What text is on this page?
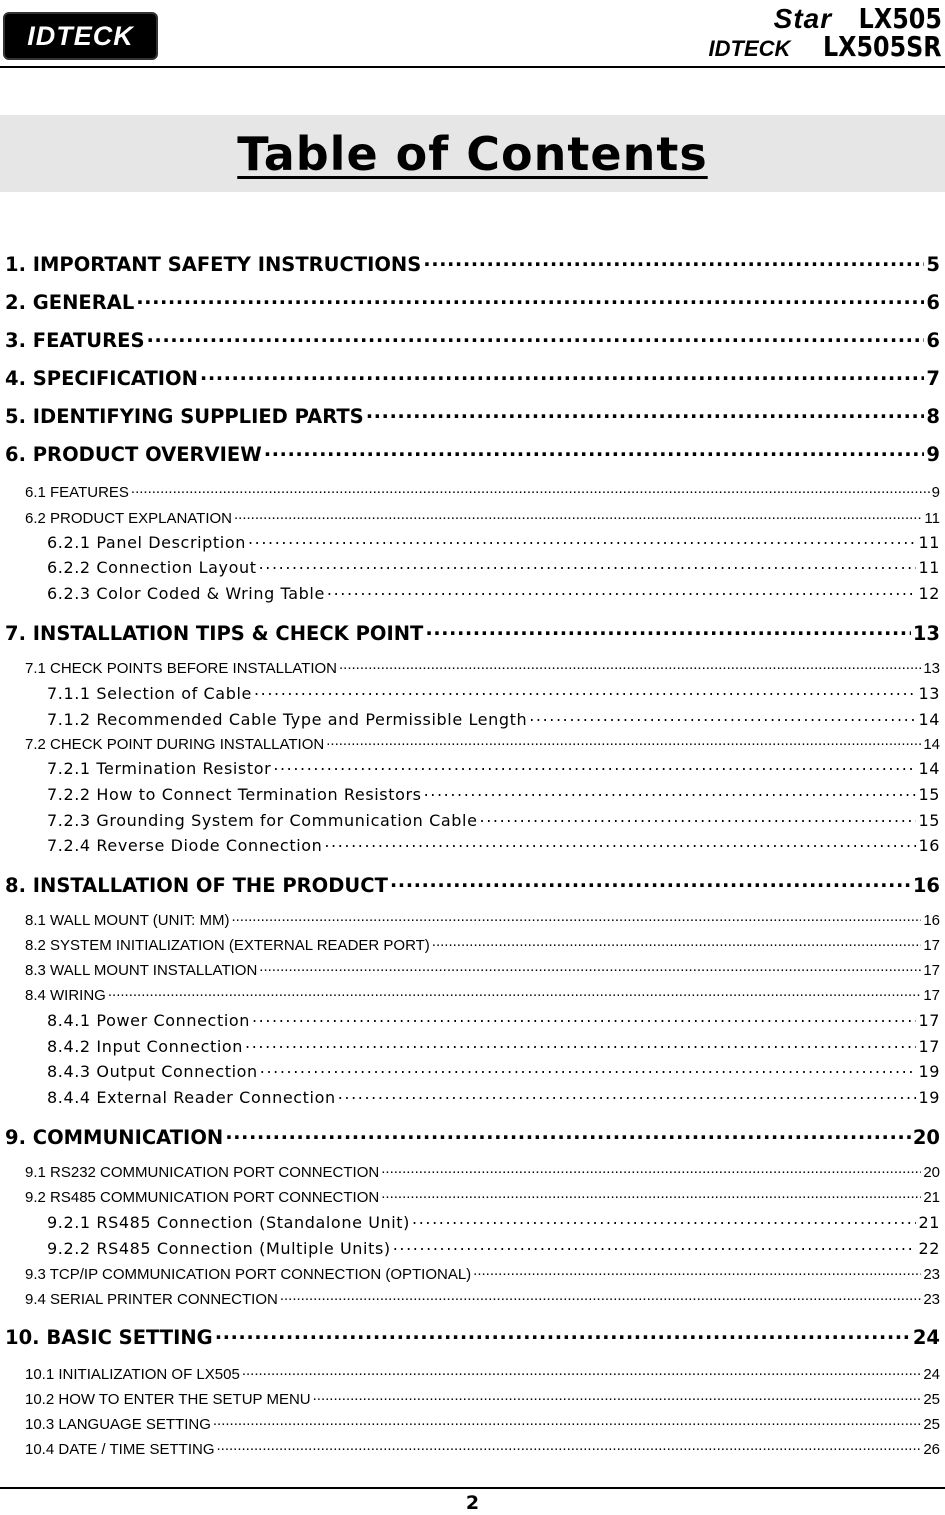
IDTECK
Star LX505
IDTECK LX505SR
Table of Contents
1. IMPORTANT SAFETY INSTRUCTIONS .....	5
2. GENERAL .....	6
3. FEATURES .....	6
4. SPECIFICATION .....	7
5. IDENTIFYING SUPPLIED PARTS .....	8
6. PRODUCT OVERVIEW .....	9
6.1 FEATURES .....	9
6.2 PRODUCT EXPLANATION .....	11
6.2.1 Panel Description .....	11
6.2.2 Connection Layout .....	11
6.2.3 Color Coded & Wring Table .....	12
7. INSTALLATION TIPS & CHECK POINT .....	13
7.1 CHECK POINTS BEFORE INSTALLATION .....	13
7.1.1 Selection of Cable .....	13
7.1.2 Recommended Cable Type and Permissible Length .....	14
7.2 CHECK POINT DURING INSTALLATION .....	14
7.2.1 Termination Resistor .....	14
7.2.2 How to Connect Termination Resistors .....	15
7.2.3 Grounding System for Communication Cable .....	15
7.2.4 Reverse Diode Connection .....	16
8. INSTALLATION OF THE PRODUCT .....	16
8.1 WALL MOUNT (UNIT: MM) .....	16
8.2 SYSTEM INITIALIZATION (EXTERNAL READER PORT) .....	17
8.3 WALL MOUNT INSTALLATION .....	17
8.4 WIRING .....	17
8.4.1 Power Connection .....	17
8.4.2 Input Connection .....	17
8.4.3 Output Connection .....	19
8.4.4 External Reader Connection .....	19
9. COMMUNICATION .....	20
9.1 RS232 COMMUNICATION PORT CONNECTION .....	20
9.2 RS485 COMMUNICATION PORT CONNECTION .....	21
9.2.1 RS485 Connection (Standalone Unit) .....	21
9.2.2 RS485 Connection (Multiple Units) .....	22
9.3 TCP/IP COMMUNICATION PORT CONNECTION (OPTIONAL) .....	23
9.4 SERIAL PRINTER CONNECTION .....	23
10. BASIC SETTING .....	24
10.1 INITIALIZATION OF LX505 .....	24
10.2 HOW TO ENTER THE SETUP MENU .....	25
10.3 LANGUAGE SETTING .....	25
10.4 DATE / TIME SETTING .....	26
2
